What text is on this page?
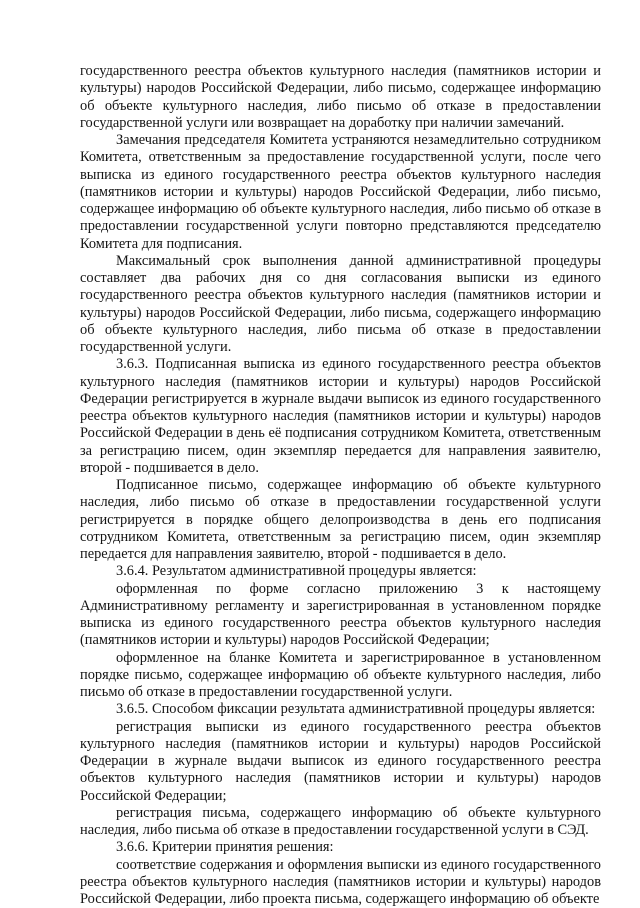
государственного реестра объектов культурного наследия (памятников истории и культуры) народов Российской Федерации, либо письмо, содержащее информацию об объекте культурного наследия, либо письмо об отказе в предоставлении государственной услуги или возвращает на доработку при наличии замечаний.

Замечания председателя Комитета устраняются незамедлительно сотрудником Комитета, ответственным за предоставление государственной услуги, после чего выписка из единого государственного реестра объектов культурного наследия (памятников истории и культуры) народов Российской Федерации, либо письмо, содержащее информацию об объекте культурного наследия, либо письмо об отказе в предоставлении государственной услуги повторно представляются председателю Комитета для подписания.

Максимальный срок выполнения данной административной процедуры составляет два рабочих дня со дня согласования выписки из единого государственного реестра объектов культурного наследия (памятников истории и культуры) народов Российской Федерации, либо письма, содержащего информацию об объекте культурного наследия, либо письма об отказе в предоставлении государственной услуги.

3.6.3. Подписанная выписка из единого государственного реестра объектов культурного наследия (памятников истории и культуры) народов Российской Федерации регистрируется в журнале выдачи выписок из единого государственного реестра объектов культурного наследия (памятников истории и культуры) народов Российской Федерации в день её подписания сотрудником Комитета, ответственным за регистрацию писем, один экземпляр передается для направления заявителю, второй - подшивается в дело.

Подписанное письмо, содержащее информацию об объекте культурного наследия, либо письмо об отказе в предоставлении государственной услуги регистрируется в порядке общего делопроизводства в день его подписания сотрудником Комитета, ответственным за регистрацию писем, один экземпляр передается для направления заявителю, второй - подшивается в дело.

3.6.4. Результатом административной процедуры является:

оформленная по форме согласно приложению 3 к настоящему Административному регламенту и зарегистрированная в установленном порядке выписка из единого государственного реестра объектов культурного наследия (памятников истории и культуры) народов Российской Федерации;

оформленное на бланке Комитета и зарегистрированное в установленном порядке письмо, содержащее информацию об объекте культурного наследия, либо письмо об отказе в предоставлении государственной услуги.

3.6.5. Способом фиксации результата административной процедуры является:

регистрация выписки из единого государственного реестра объектов культурного наследия (памятников истории и культуры) народов Российской Федерации в журнале выдачи выписок из единого государственного реестра объектов культурного наследия (памятников истории и культуры) народов Российской Федерации;

регистрация письма, содержащего информацию об объекте культурного наследия, либо письма об отказе в предоставлении государственной услуги в СЭД.

3.6.6. Критерии принятия решения:

соответствие содержания и оформления выписки из единого государственного реестра объектов культурного наследия (памятников истории и культуры) народов Российской Федерации, либо проекта письма, содержащего информацию об объекте
